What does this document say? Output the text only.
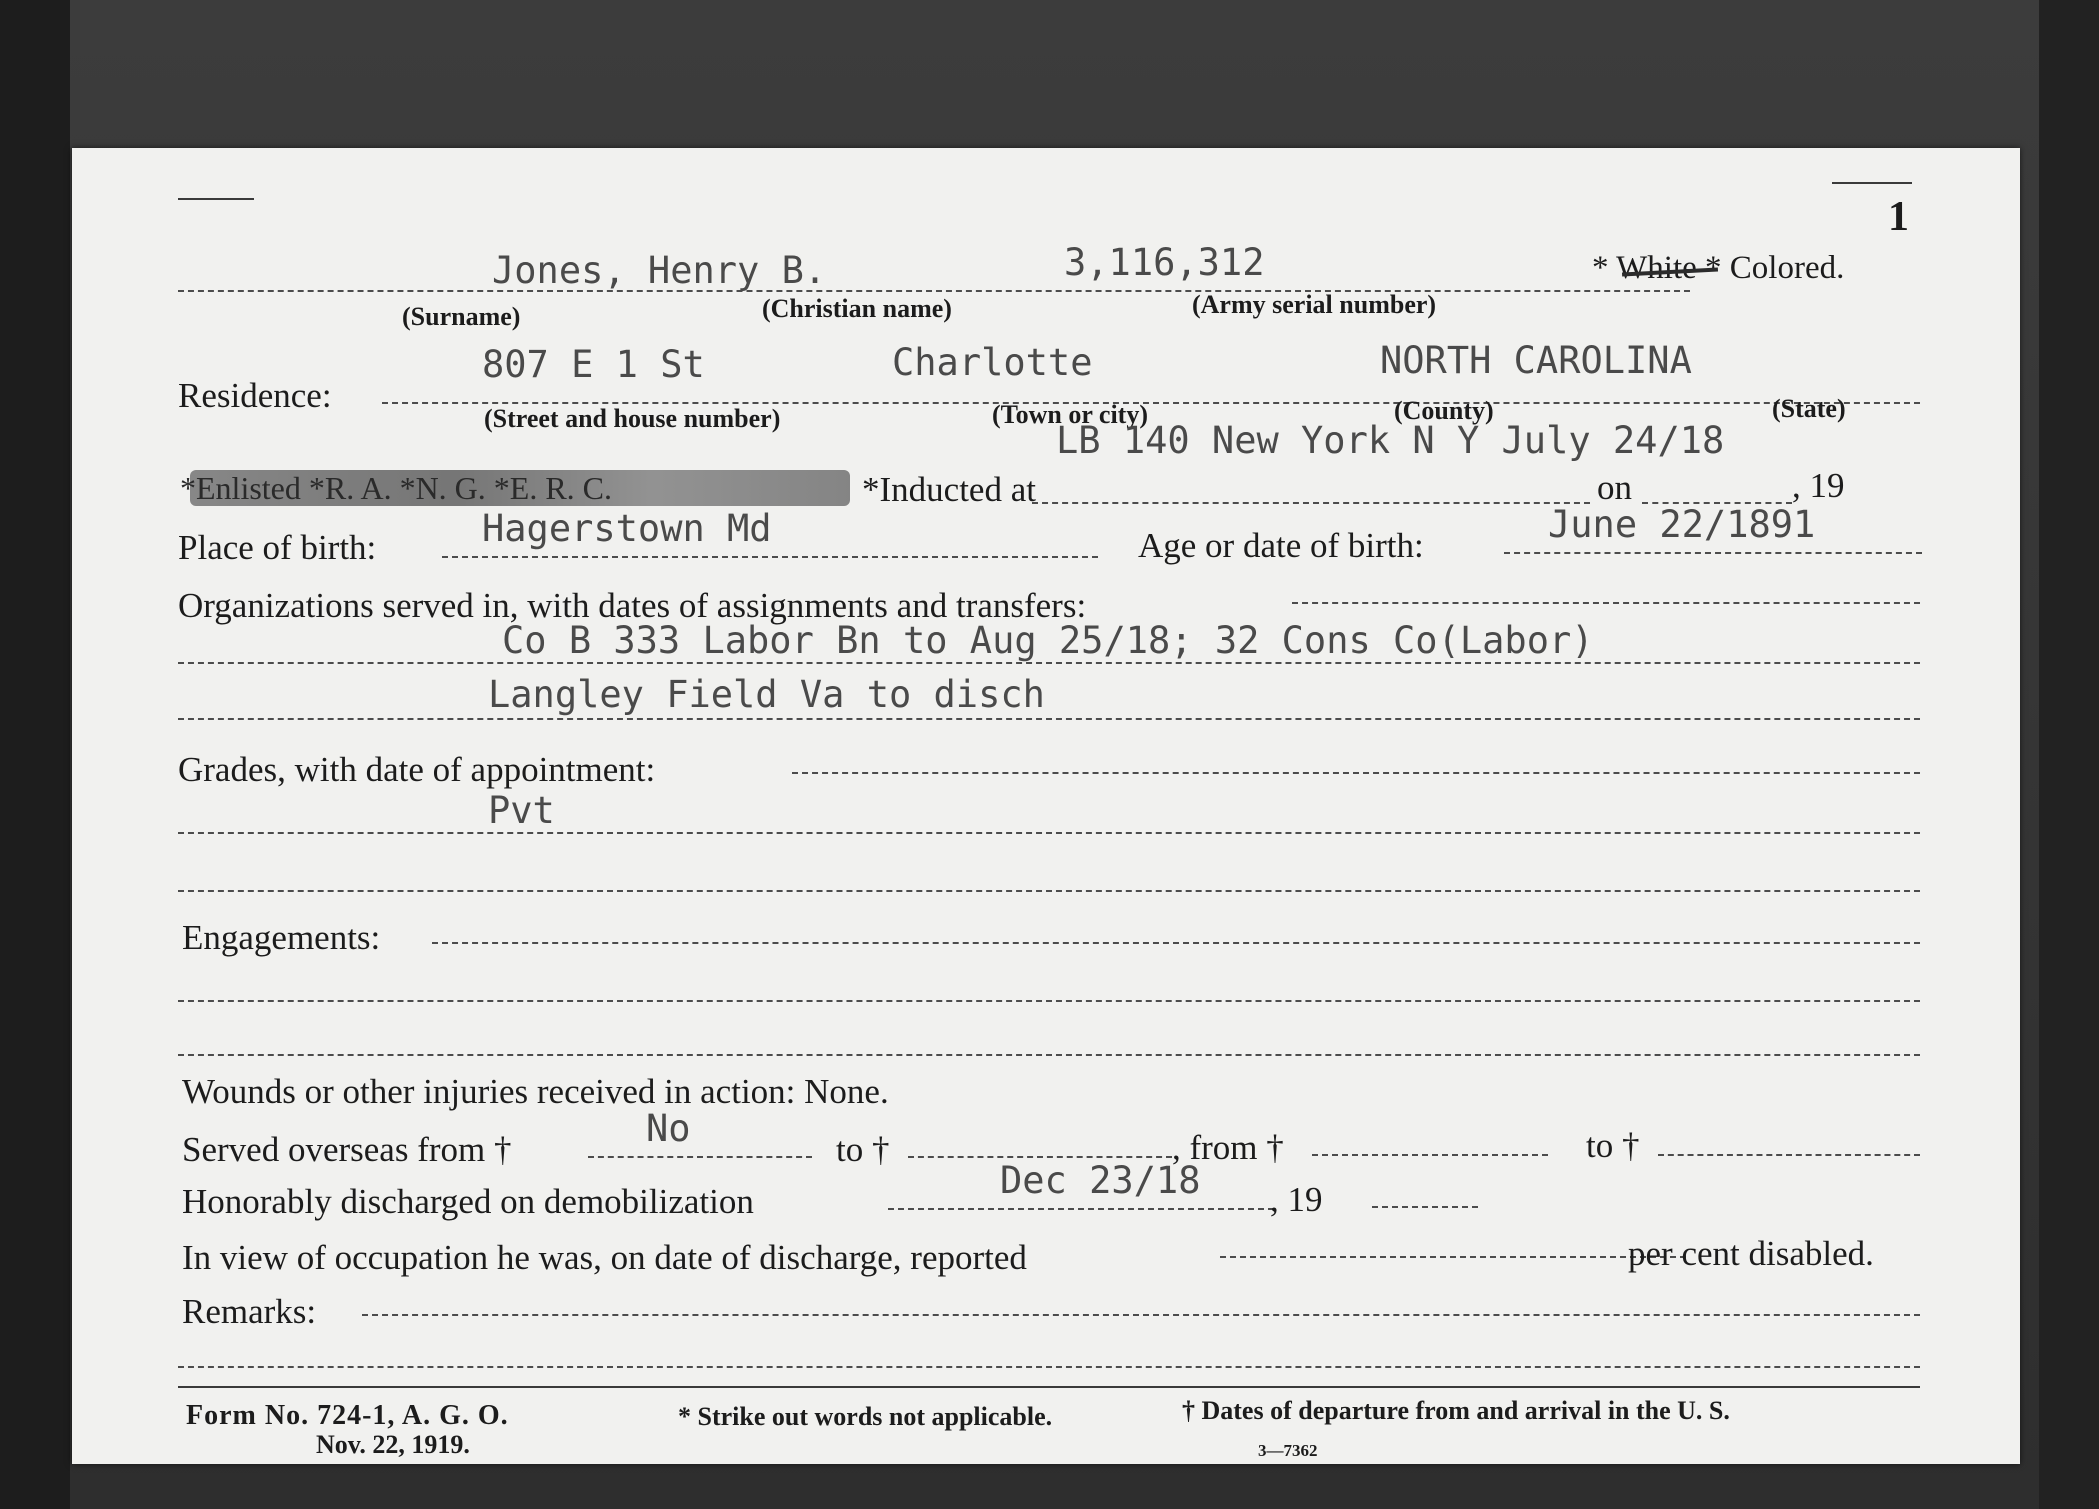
1
Jones, Henry B.	3,116,312	* White * Colored.
(Surname)	(Christian name)	(Army serial number)
Residence:
807 E 1 St	Charlotte	NORTH CAROLINA
(Street and house number)	(Town or city)	(County)	(State)
LB 140 New York N Y July 24/18
*Enlisted *R. A. *N. G. *E. R. C.	*Inducted at	on	, 19
Place of birth:	Hagerstown Md	Age or date of birth:	June 22/1891
Organizations served in, with dates of assignments and transfers:
Co B 333 Labor Bn to Aug 25/18; 32 Cons Co(Labor)
Langley Field Va to disch
Grades, with date of appointment:
Pvt
Engagements:
Wounds or other injuries received in action: None.
Served overseas from †	No	to †	, from †	to †
Honorably discharged on demobilization	Dec 23/18 , 19
In view of occupation he was, on date of discharge, reported	per cent disabled.
Remarks:
Form No. 724-1, A. G. O.
Nov. 22, 1919.
* Strike out words not applicable.	† Dates of departure from and arrival in the U. S.
3—7362
